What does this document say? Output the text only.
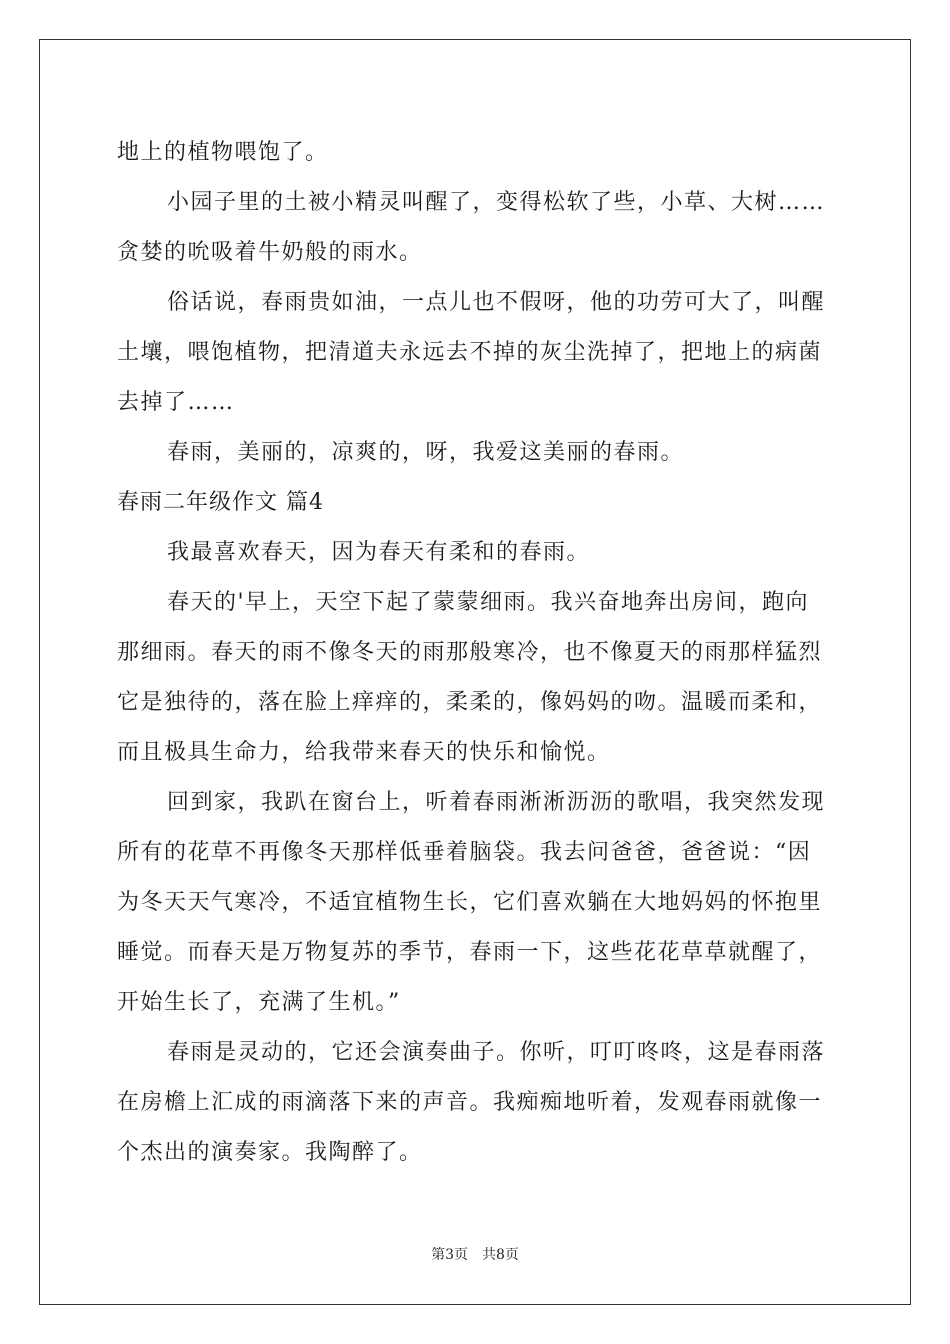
地上的植物喂饱了。
小园子里的土被小精灵叫醒了，变得松软了些，小草、大树……
贪婪的吮吸着牛奶般的雨水。
俗话说，春雨贵如油，一点儿也不假呀，他的功劳可大了，叫醒
土壤，喂饱植物，把清道夫永远去不掉的灰尘洗掉了，把地上的病菌
去掉了……
春雨，美丽的，凉爽的，呀，我爱这美丽的春雨。
春雨二年级作文 篇4
我最喜欢春天，因为春天有柔和的春雨。
春天的'早上，天空下起了蒙蒙细雨。我兴奋地奔出房间，跑向
那细雨。春天的雨不像冬天的雨那般寒冷，也不像夏天的雨那样猛烈
它是独待的，落在脸上痒痒的，柔柔的，像妈妈的吻。温暖而柔和，
而且极具生命力，给我带来春天的快乐和愉悦。
回到家，我趴在窗台上，听着春雨淅淅沥沥的歌唱，我突然发现
所有的花草不再像冬天那样低垂着脑袋。我去问爸爸，爸爸说：“因
为冬天天气寒冷，不适宜植物生长，它们喜欢躺在大地妈妈的怀抱里
睡觉。而春天是万物复苏的季节，春雨一下，这些花花草草就醒了，
开始生长了，充满了生机。”
春雨是灵动的，它还会演奏曲子。你听，叮叮咚咚，这是春雨落
在房檐上汇成的雨滴落下来的声音。我痴痴地听着，发观春雨就像一
个杰出的演奏家。我陶醉了。
第3页 共8页
